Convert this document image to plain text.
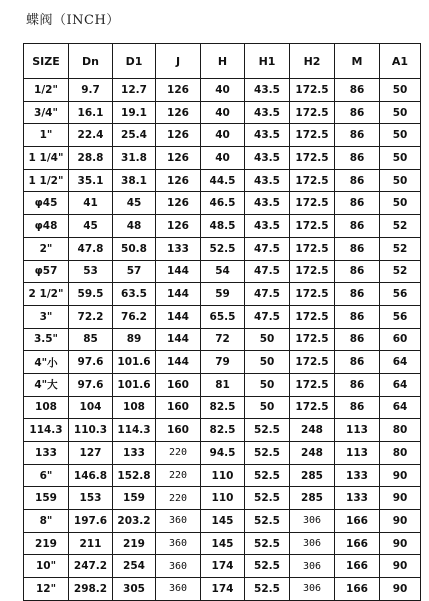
蝶阀（INCH）
SIZE	Dn	D1	J	H	H1	H2	M	A1
1/2"	9.7	12.7	126	40	43.5	172.5	86	50
3/4"	16.1	19.1	126	40	43.5	172.5	86	50
1"	22.4	25.4	126	40	43.5	172.5	86	50
1 1/4"	28.8	31.8	126	40	43.5	172.5	86	50
1 1/2"	35.1	38.1	126	44.5	43.5	172.5	86	50
φ45	41	45	126	46.5	43.5	172.5	86	50
φ48	45	48	126	48.5	43.5	172.5	86	52
2"	47.8	50.8	133	52.5	47.5	172.5	86	52
φ57	53	57	144	54	47.5	172.5	86	52
2 1/2"	59.5	63.5	144	59	47.5	172.5	86	56
3"	72.2	76.2	144	65.5	47.5	172.5	86	56
3.5"	85	89	144	72	50	172.5	86	60
4"小	97.6	101.6	144	79	50	172.5	86	64
4"大	97.6	101.6	160	81	50	172.5	86	64
108	104	108	160	82.5	50	172.5	86	64
114.3	110.3	114.3	160	82.5	52.5	248	113	80
133	127	133	220	94.5	52.5	248	113	80
6"	146.8	152.8	220	110	52.5	285	133	90
159	153	159	220	110	52.5	285	133	90
8"	197.6	203.2	360	145	52.5	306	166	90
219	211	219	360	145	52.5	306	166	90
10"	247.2	254	360	174	52.5	306	166	90
12"	298.2	305	360	174	52.5	306	166	90
